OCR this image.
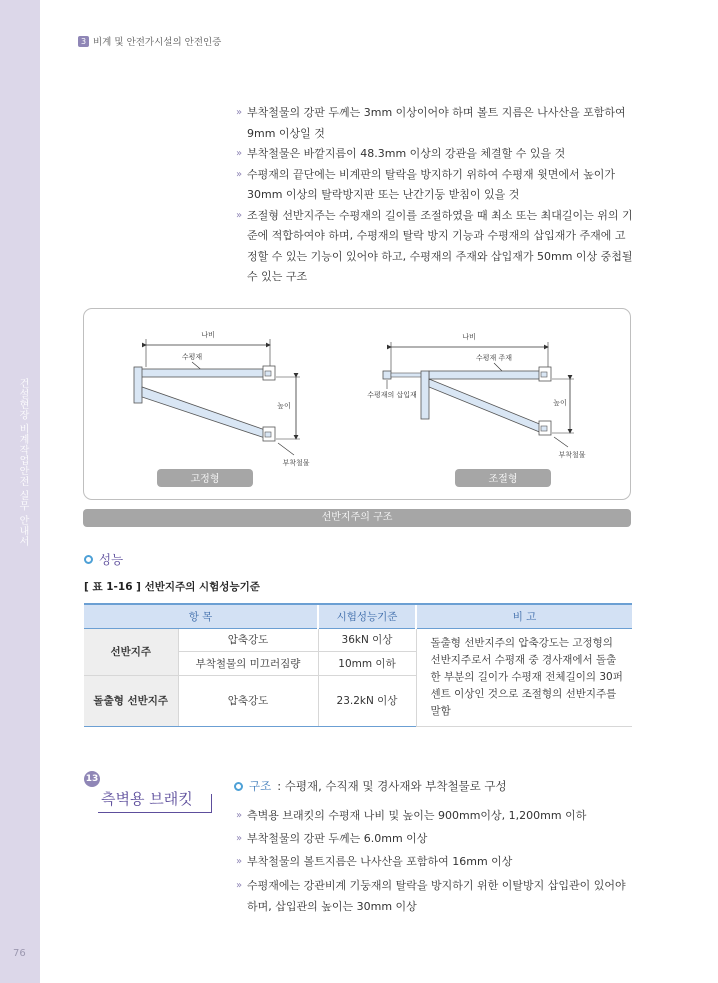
건설현장 비계작업안전 실무 안내서
76
3 비계 및 안전가시설의 안전인증
» 부착철물의 강판 두께는 3mm 이상이어야 하며 볼트 지름은 나사산을 포함하여 9mm 이상일 것
» 부착철물은 바깥지름이 48.3mm 이상의 강관을 체결할 수 있을 것
» 수평재의 끝단에는 비계판의 탈락을 방지하기 위하여 수평재 윗면에서 높이가 30mm 이상의 탈락방지판 또는 난간기둥 받침이 있을 것
» 조절형 선반지주는 수평재의 길이를 조절하였을 때 최소 또는 최대길이는 위의 기준에 적합하여야 하며, 수평재의 탈락 방지 기능과 수평재의 삽입재가 주재에 고정할 수 있는 기능이 있어야 하고, 수평재의 주재와 삽입재가 50mm 이상 중첩될 수 있는 구조
나비
수평재
높이
부착철물
고정형
나비
수평재 주재
수평재의 삽입재
높이
부착철물
조절형
선반지주의 구조
성능
[ 표 1-16 ] 선반지주의 시험성능기준
항 목		시험성능기준	비 고
선반지주	압축강도	36kN 이상	돌출형 선반지주의 압축강도는 고정형의 선반지주로서 수평재 중 경사재에서 돌출한 부분의 길이가 수평재 전체길이의 30퍼센트 이상인 것으로 조절형의 선반지주를 말함
	부착철물의 미끄러짐량	10mm 이하	
돌출형 선반지주	압축강도	23.2kN 이상	
13
측벽용 브래킷
구조 : 수평재, 수직재 및 경사재와 부착철물로 구성
» 측벽용 브래킷의 수평재 나비 및 높이는 900mm이상, 1,200mm 이하
» 부착철물의 강판 두께는 6.0mm 이상
» 부착철물의 볼트지름은 나사산을 포함하여 16mm 이상
» 수평재에는 강관비계 기둥재의 탈락을 방지하기 위한 이탈방지 삽입관이 있어야 하며, 삽입관의 높이는 30mm 이상
